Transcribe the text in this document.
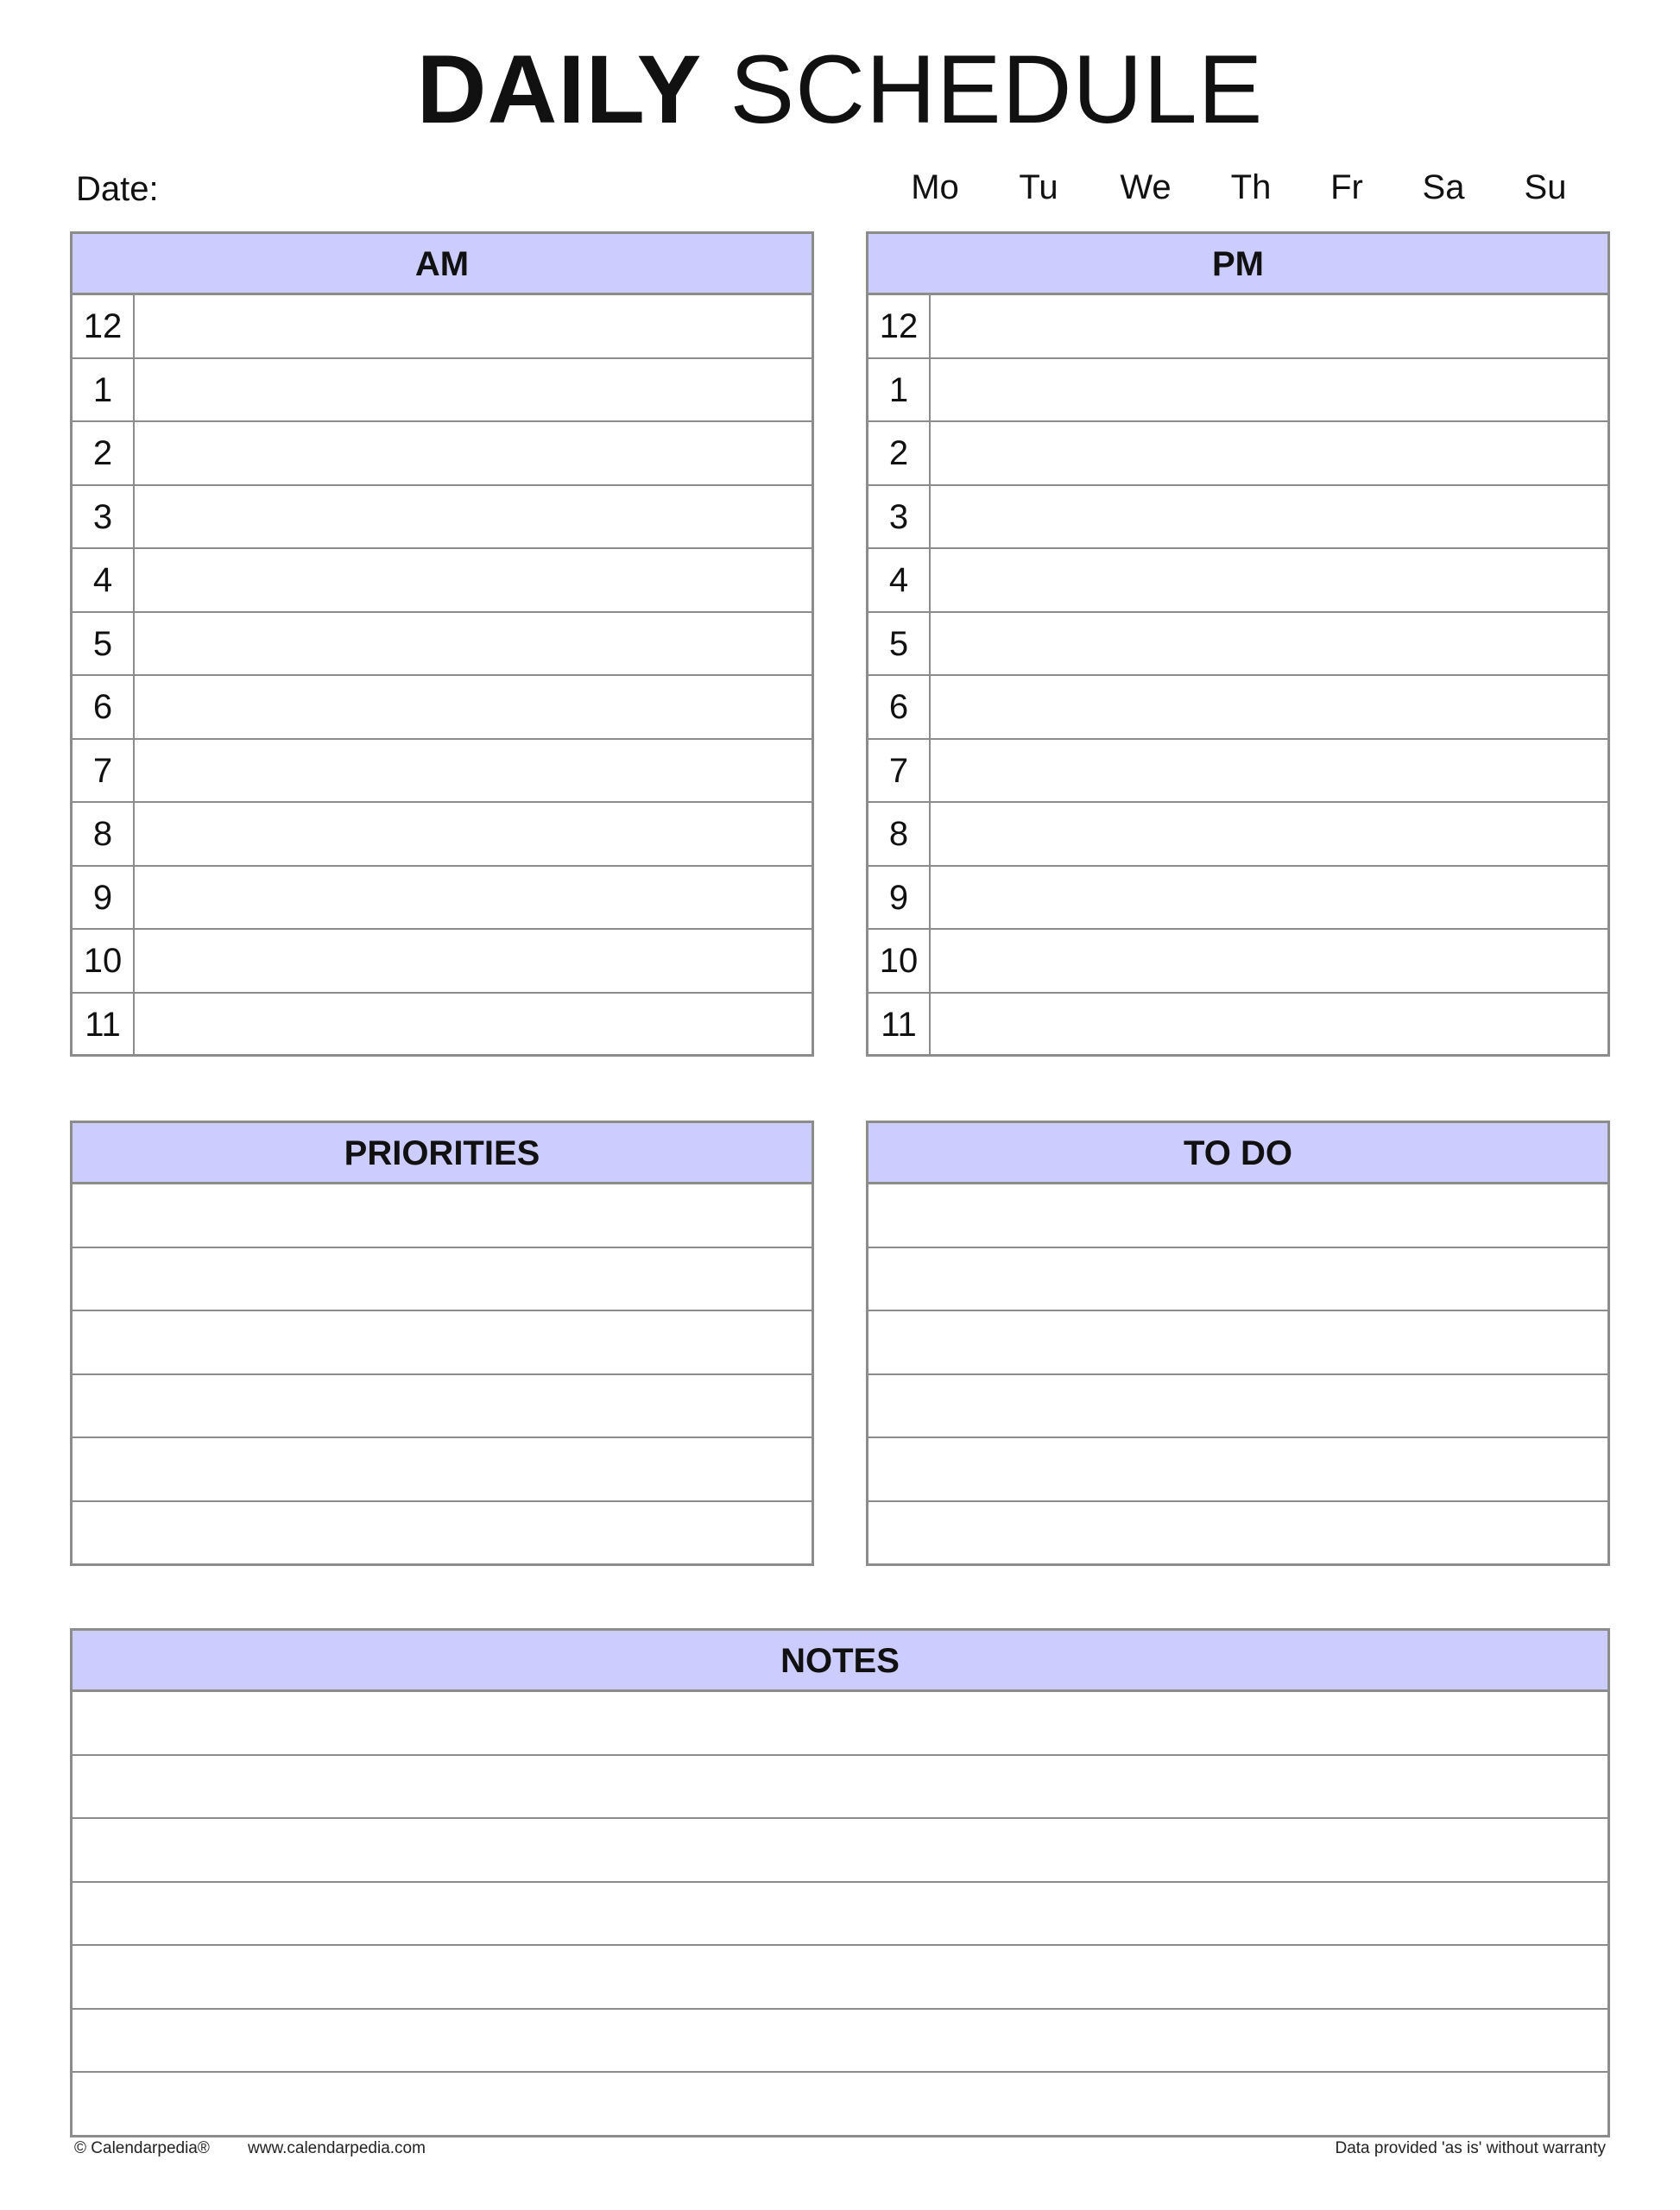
DAILY SCHEDULE
Date:	Mo	Tu	We	Th	Fr	Sa	Su
AM
12
1
2
3
4
5
6
7
8
9
10
11
PM
12
1
2
3
4
5
6
7
8
9
10
11
PRIORITIES	TO DO
NOTES
© Calendarpedia® www.calendarpedia.com	Data provided 'as is' without warranty
